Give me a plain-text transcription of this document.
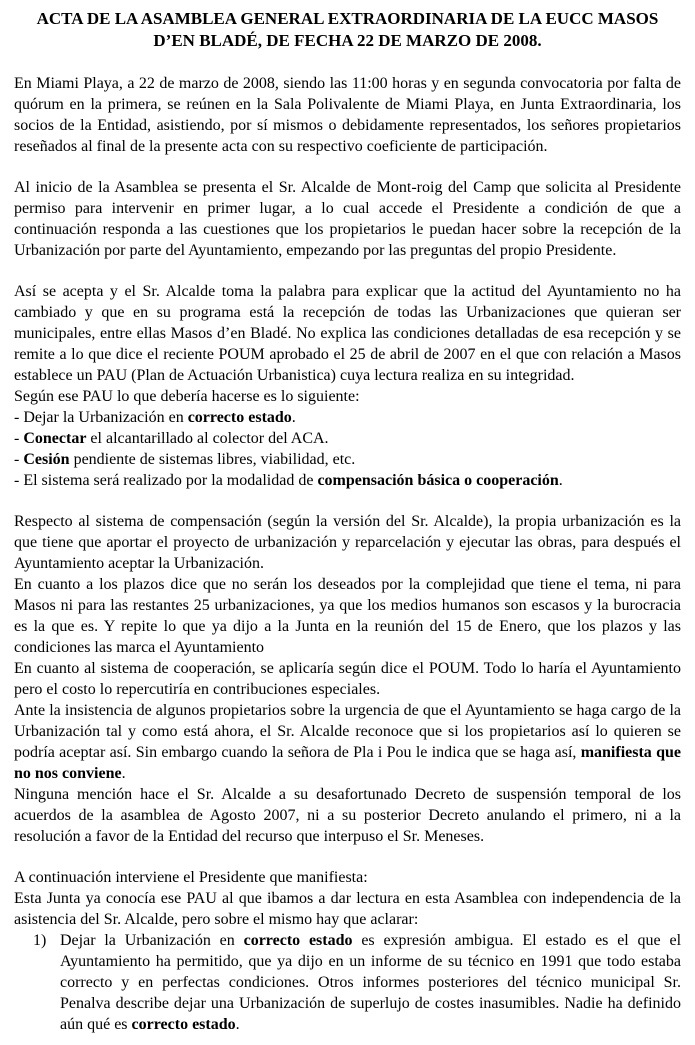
ACTA DE LA ASAMBLEA GENERAL EXTRAORDINARIA DE LA EUCC MASOS
D’EN BLADÉ, DE FECHA 22 DE MARZO DE 2008.
En Miami Playa, a 22 de marzo de 2008, siendo las 11:00 horas y en segunda convocatoria por falta de quórum en la primera, se reúnen en la Sala Polivalente de Miami Playa, en Junta Extraordinaria, los socios de la Entidad, asistiendo, por sí mismos o debidamente representados, los señores propietarios reseñados al final de la presente acta con su respectivo coeficiente de participación.
Al inicio de la Asamblea se presenta el Sr. Alcalde de Mont-roig del Camp que solicita al Presidente permiso para intervenir en primer lugar, a lo cual accede el Presidente a condición de que a continuación responda a las cuestiones que los propietarios le puedan hacer sobre la recepción de la Urbanización por parte del Ayuntamiento, empezando por las preguntas del propio Presidente.
Así se acepta y el Sr. Alcalde toma la palabra para explicar que la actitud del Ayuntamiento no ha cambiado y que en su programa está la recepción de todas las Urbanizaciones que quieran ser municipales, entre ellas Masos d’en Bladé. No explica las condiciones detalladas de esa recepción y se remite a lo que dice el reciente POUM aprobado el 25 de abril de 2007 en el que con relación a Masos establece un PAU (Plan de Actuación Urbanistica) cuya lectura realiza en su integridad.
Según ese PAU lo que debería hacerse es lo siguiente:
- Dejar la Urbanización en correcto estado.
- Conectar el alcantarillado al colector del ACA.
- Cesión pendiente de sistemas libres, viabilidad, etc.
- El sistema será realizado por la modalidad de compensación básica o cooperación.
Respecto al sistema de compensación (según la versión del Sr. Alcalde), la propia urbanización es la que tiene que aportar el proyecto de urbanización y reparcelación y ejecutar las obras, para después el Ayuntamiento aceptar la Urbanización.
En cuanto a los plazos dice que no serán los deseados por la complejidad que tiene el tema, ni para Masos ni para las restantes 25 urbanizaciones, ya que los medios humanos son escasos y la burocracia es la que es. Y repite lo que ya dijo a la Junta en la reunión del 15 de Enero, que los plazos y las condiciones las marca el Ayuntamiento
En cuanto al sistema de cooperación, se aplicaría según dice el POUM. Todo lo haría el Ayuntamiento pero el costo lo repercutiría en contribuciones especiales.
Ante la insistencia de algunos propietarios sobre la urgencia de que el Ayuntamiento se haga cargo de la Urbanización tal y como está ahora, el Sr. Alcalde reconoce que si los propietarios así lo quieren se podría aceptar así. Sin embargo cuando la señora de Pla i Pou le indica que se haga así, manifiesta que no nos conviene.
Ninguna mención hace el Sr. Alcalde a su desafortunado Decreto de suspensión temporal de los acuerdos de la asamblea de Agosto 2007, ni a su posterior Decreto anulando el primero, ni a la resolución a favor de la Entidad del recurso que interpuso el Sr. Meneses.
A continuación interviene el Presidente que manifiesta:
Esta Junta ya conocía ese PAU al que ibamos a dar lectura en esta Asamblea con independencia de la asistencia del Sr. Alcalde, pero sobre el mismo hay que aclarar:
1) Dejar la Urbanización en correcto estado es expresión ambigua. El estado es el que el Ayuntamiento ha permitido, que ya dijo en un informe de su técnico en 1991 que todo estaba correcto y en perfectas condiciones. Otros informes posteriores del técnico municipal Sr. Penalva describe dejar una Urbanización de superlujo de costes inasumibles. Nadie ha definido aún qué es correcto estado.
